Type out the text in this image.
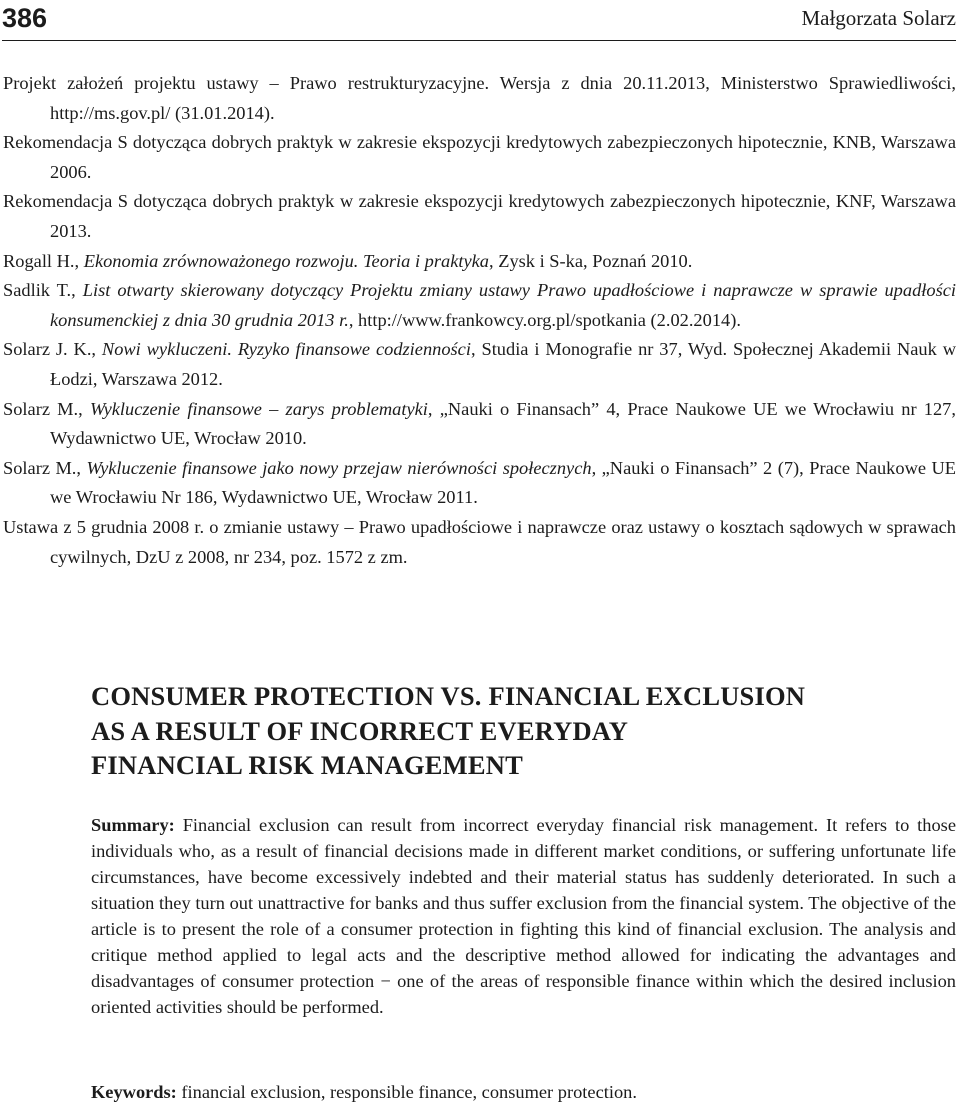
386	Małgorzata Solarz

Projekt założeń projektu ustawy – Prawo restrukturyzacyjne. Wersja z dnia 20.11.2013, Ministerstwo Sprawiedliwości, http://ms.gov.pl/ (31.01.2014).

Rekomendacja S dotycząca dobrych praktyk w zakresie ekspozycji kredytowych zabezpieczonych hipotecznie, KNB, Warszawa 2006.

Rekomendacja S dotycząca dobrych praktyk w zakresie ekspozycji kredytowych zabezpieczonych hipotecznie, KNF, Warszawa 2013.

Rogall H., Ekonomia zrównoważonego rozwoju. Teoria i praktyka, Zysk i S-ka, Poznań 2010.

Sadlik T., List otwarty skierowany dotyczący Projektu zmiany ustawy Prawo upadłościowe i naprawcze w sprawie upadłości konsumenckiej z dnia 30 grudnia 2013 r., http://www.frankowcy.org.pl/spotkania (2.02.2014).

Solarz J. K., Nowi wykluczeni. Ryzyko finansowe codzienności, Studia i Monografie nr 37, Wyd. Społecznej Akademii Nauk w Łodzi, Warszawa 2012.

Solarz M., Wykluczenie finansowe – zarys problematyki, „Nauki o Finansach” 4, Prace Naukowe UE we Wrocławiu nr 127, Wydawnictwo UE, Wrocław 2010.

Solarz M., Wykluczenie finansowe jako nowy przejaw nierówności społecznych, „Nauki o Finansach” 2 (7), Prace Naukowe UE we Wrocławiu Nr 186, Wydawnictwo UE, Wrocław 2011.

Ustawa z 5 grudnia 2008 r. o zmianie ustawy – Prawo upadłościowe i naprawcze oraz ustawy o kosztach sądowych w sprawach cywilnych, DzU z 2008, nr 234, poz. 1572 z zm.

CONSUMER PROTECTION VS. FINANCIAL EXCLUSION
AS A RESULT OF INCORRECT EVERYDAY
FINANCIAL RISK MANAGEMENT

Summary: Financial exclusion can result from incorrect everyday financial risk management. It refers to those individuals who, as a result of financial decisions made in different market conditions, or suffering unfortunate life circumstances, have become excessively indebted and their material status has suddenly deteriorated. In such a situation they turn out unattractive for banks and thus suffer exclusion from the financial system. The objective of the article is to present the role of a consumer protection in fighting this kind of financial exclusion. The analysis and critique method applied to legal acts and the descriptive method allowed for indicating the advantages and disadvantages of consumer protection − one of the areas of responsible finance within which the desired inclusion oriented activities should be performed.

Keywords: financial exclusion, responsible finance, consumer protection.
